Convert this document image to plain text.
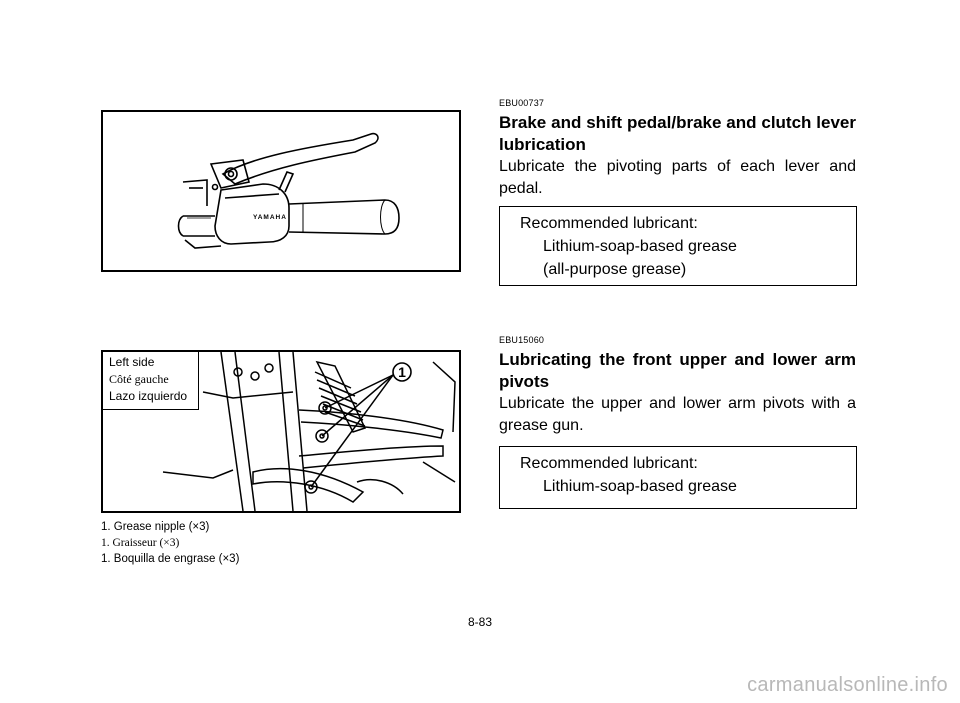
YAMAHA
1
Left side
Côté gauche
Lazo izquierdo
1. Grease nipple (×3)
1. Graisseur (×3)
1. Boquilla de engrase (×3)
EBU00737
Brake and shift pedal/brake and clutch lever lubrication
Lubricate the pivoting parts of each lever and pedal.
Recommended lubricant:
Lithium-soap-based grease
(all-purpose grease)
EBU15060
Lubricating the front upper and lower arm pivots
Lubricate the upper and lower arm pivots with a grease gun.
Recommended lubricant:
Lithium-soap-based grease
8-83
carmanualsonline.info
